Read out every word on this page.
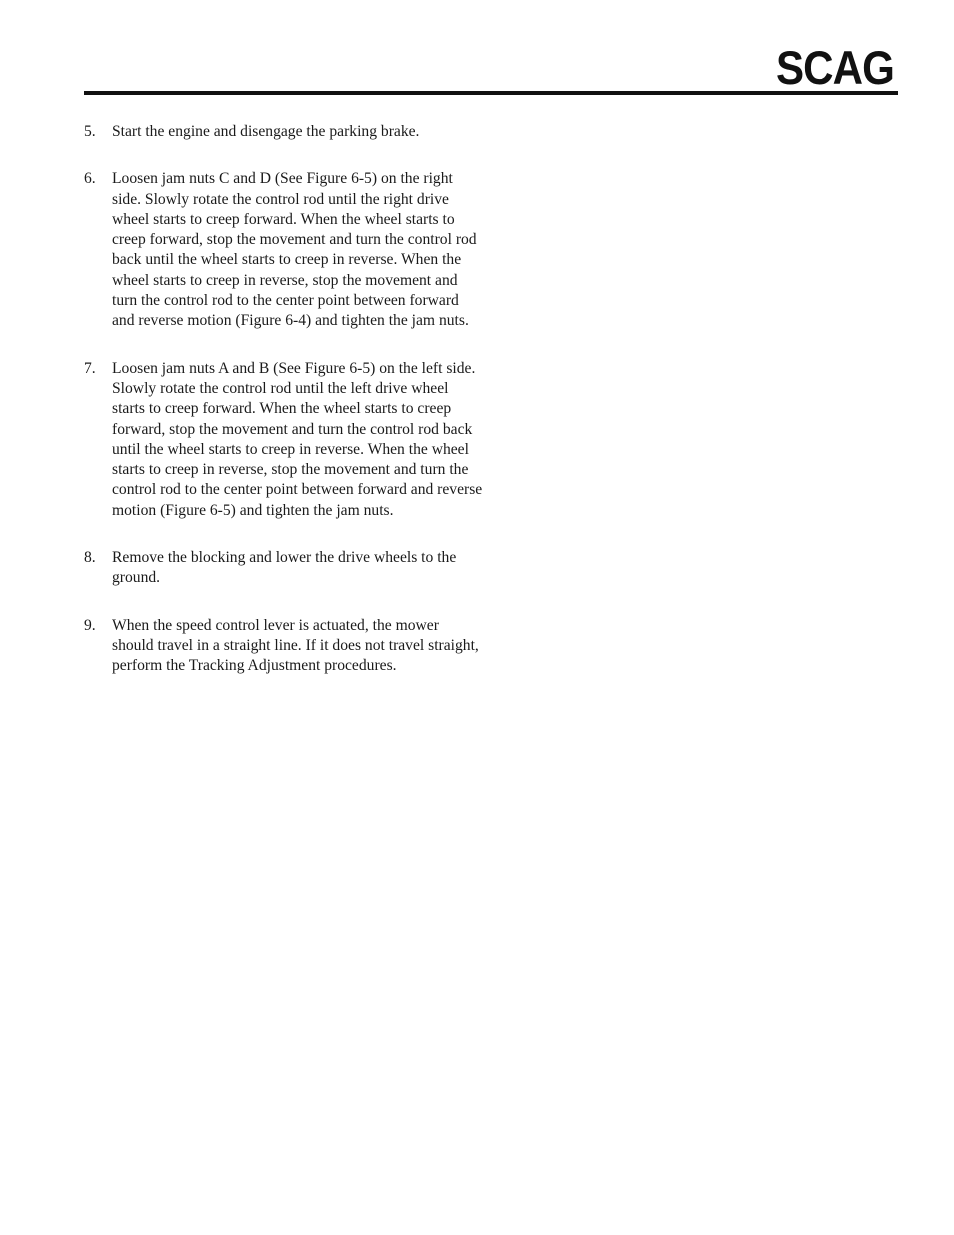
SCAG
5. Start the engine and disengage the parking brake.
6. Loosen jam nuts C and D (See Figure 6-5) on the right side. Slowly rotate the control rod until the right drive wheel starts to creep forward. When the wheel starts to creep forward, stop the movement and turn the control rod back until the wheel starts to creep in reverse. When the wheel starts to creep in reverse, stop the movement and turn the control rod to the center point between forward and reverse motion (Figure 6-4) and tighten the jam nuts.
7. Loosen jam nuts A and B (See Figure 6-5) on the left side. Slowly rotate the control rod until the left drive wheel starts to creep forward. When the wheel starts to creep forward, stop the movement and turn the control rod back until the wheel starts to creep in reverse. When the wheel starts to creep in reverse, stop the movement and turn the control rod to the center point between forward and reverse motion (Figure 6-5) and tighten the jam nuts.
8. Remove the blocking and lower the drive wheels to the ground.
9. When the speed control lever is actuated, the mower should travel in a straight line. If it does not travel straight, perform the Tracking Adjustment procedures.
